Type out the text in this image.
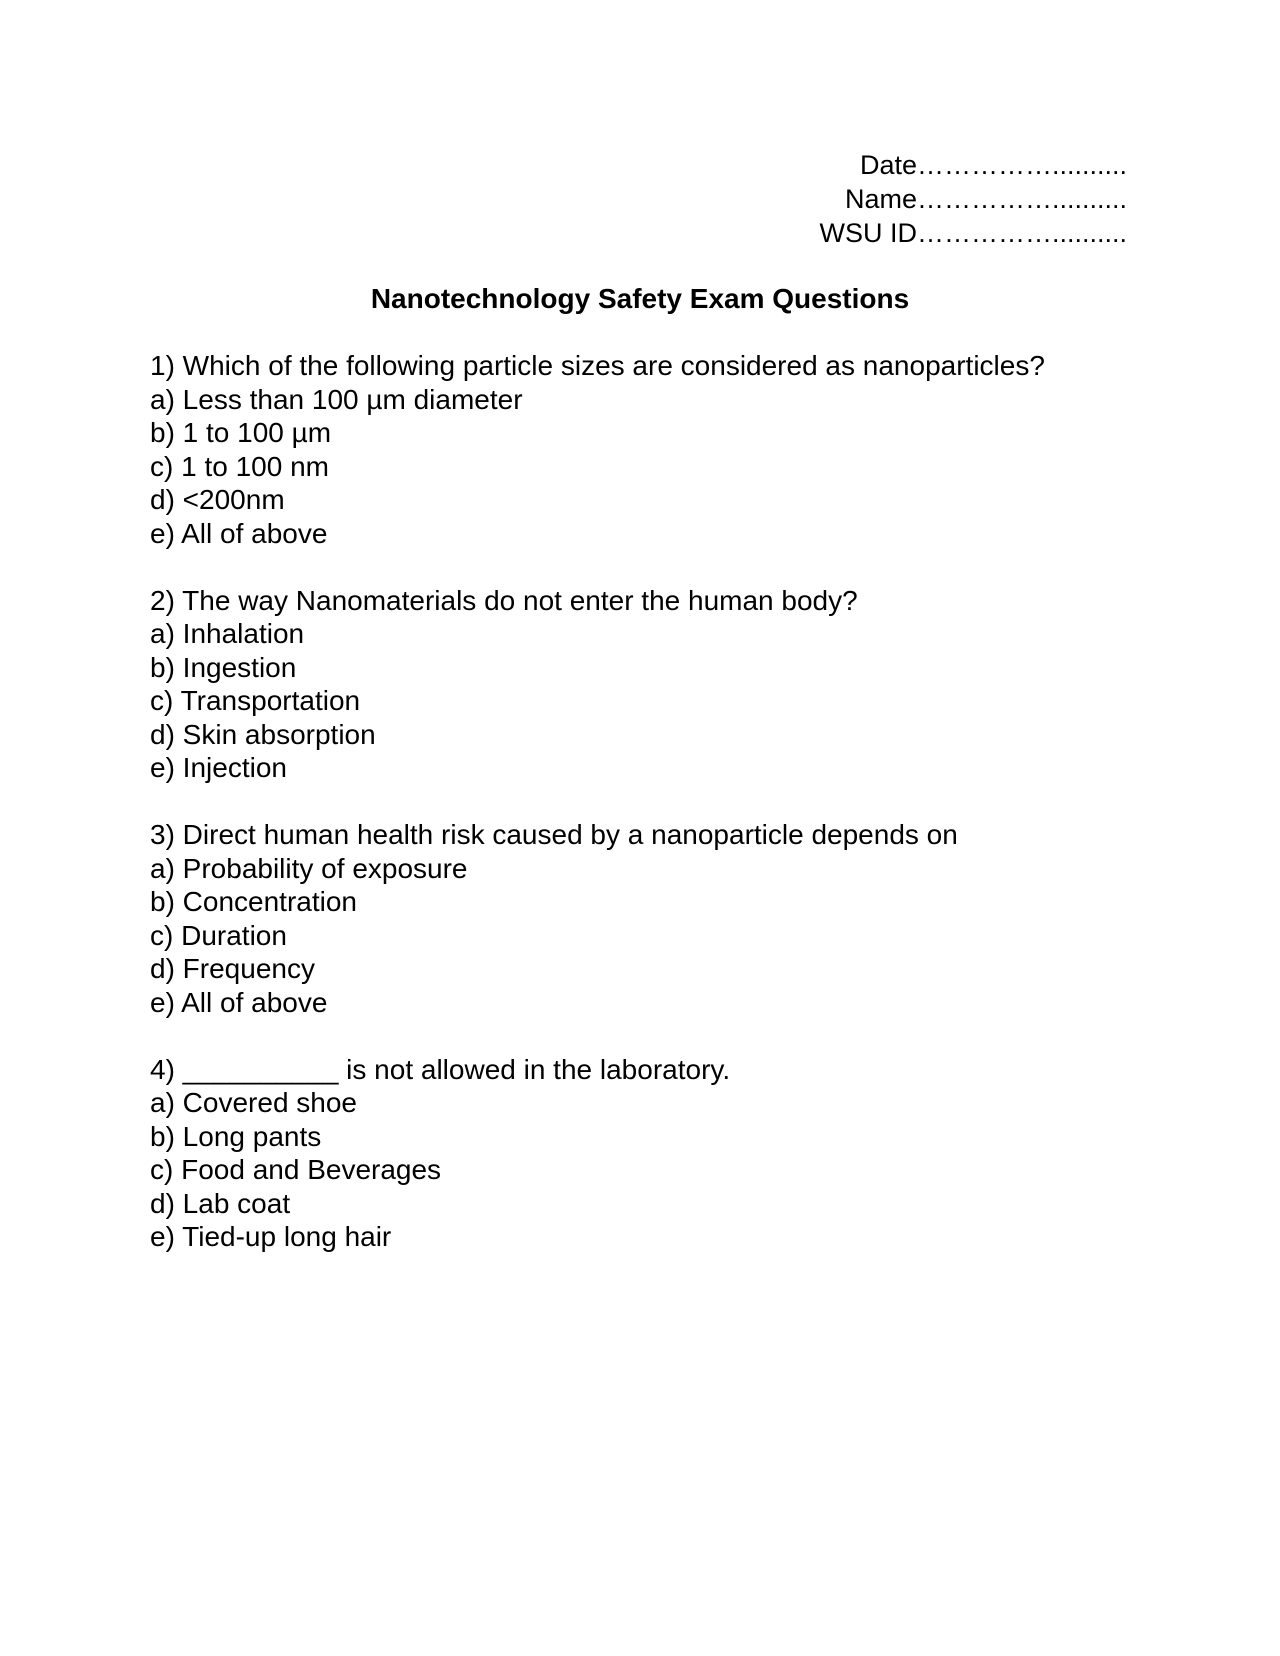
Date……………..........
Name……………..........
WSU ID……………..........
Nanotechnology Safety Exam Questions
1) Which of the following particle sizes are considered as nanoparticles?
a) Less than 100 µm diameter
b) 1 to 100 µm
c) 1 to 100 nm
d) <200nm
e) All of above
2) The way Nanomaterials do not enter the human body?
a) Inhalation
b) Ingestion
c) Transportation
d) Skin absorption
e) Injection
3) Direct human health risk caused by a nanoparticle depends on
a) Probability of exposure
b) Concentration
c) Duration
d) Frequency
e) All of above
4) __________ is not allowed in the laboratory.
a) Covered shoe
b) Long pants
c) Food and Beverages
d) Lab coat
e) Tied-up long hair
